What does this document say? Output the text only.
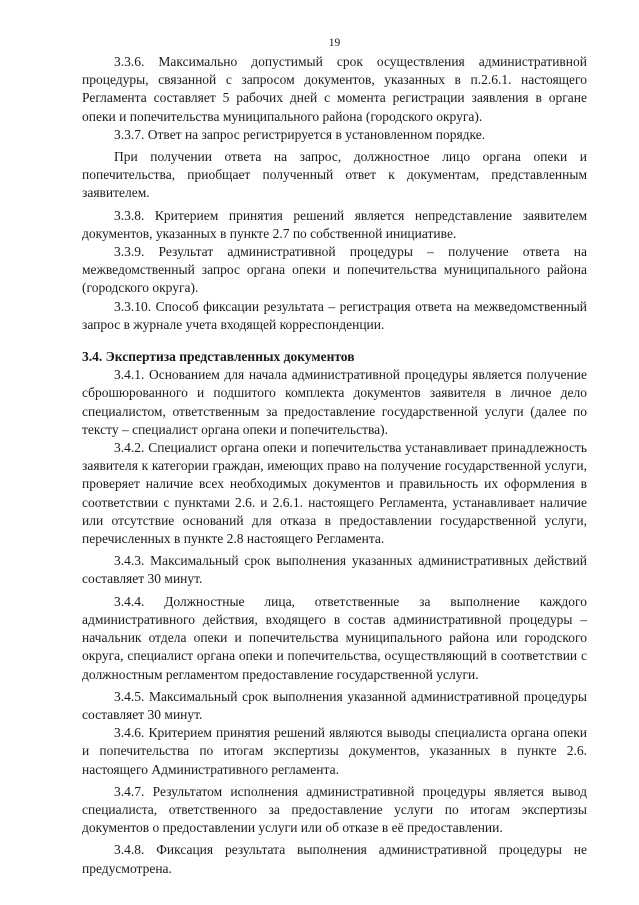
19

3.3.6. Максимально допустимый срок осуществления административной процедуры, связанной с запросом документов, указанных в п.2.6.1. настоящего Регламента составляет 5 рабочих дней с момента регистрации заявления в органе опеки и попечительства муниципального района (городского округа).

3.3.7. Ответ на запрос регистрируется в установленном порядке.

При получении ответа на запрос, должностное лицо органа опеки и попечительства, приобщает полученный ответ к документам, представленным заявителем.

3.3.8. Критерием принятия решений является непредставление заявителем документов, указанных в пункте 2.7 по собственной инициативе.

3.3.9. Результат административной процедуры – получение ответа на межведомственный запрос органа опеки и попечительства муниципального района (городского округа).

3.3.10. Способ фиксации результата – регистрация ответа на межведомственный запрос в журнале учета входящей корреспонденции.

3.4. Экспертиза представленных документов

3.4.1. Основанием для начала административной процедуры является получение сброшюрованного и подшитого комплекта документов заявителя в личное дело специалистом, ответственным за предоставление государственной услуги (далее по тексту – специалист органа опеки и попечительства).

3.4.2. Специалист органа опеки и попечительства устанавливает принадлежность заявителя к категории граждан, имеющих право на получение государственной услуги, проверяет наличие всех необходимых документов и правильность их оформления в соответствии с пунктами 2.6. и 2.6.1. настоящего Регламента, устанавливает наличие или отсутствие оснований для отказа в предоставлении государственной услуги, перечисленных в пункте 2.8 настоящего Регламента.

3.4.3. Максимальный срок выполнения указанных административных действий составляет 30 минут.

3.4.4. Должностные лица, ответственные за выполнение каждого административного действия, входящего в состав административной процедуры – начальник отдела опеки и попечительства муниципального района или городского округа, специалист органа опеки и попечительства, осуществляющий в соответствии с должностным регламентом предоставление государственной услуги.

3.4.5. Максимальный срок выполнения указанной административной процедуры составляет 30 минут.

3.4.6. Критерием принятия решений являются выводы специалиста органа опеки и попечительства по итогам экспертизы документов, указанных в пункте 2.6. настоящего Административного регламента.

3.4.7. Результатом исполнения административной процедуры является вывод специалиста, ответственного за предоставление услуги по итогам экспертизы документов о предоставлении услуги или об отказе в её предоставлении.

3.4.8. Фиксация результата выполнения административной процедуры не предусмотрена.
